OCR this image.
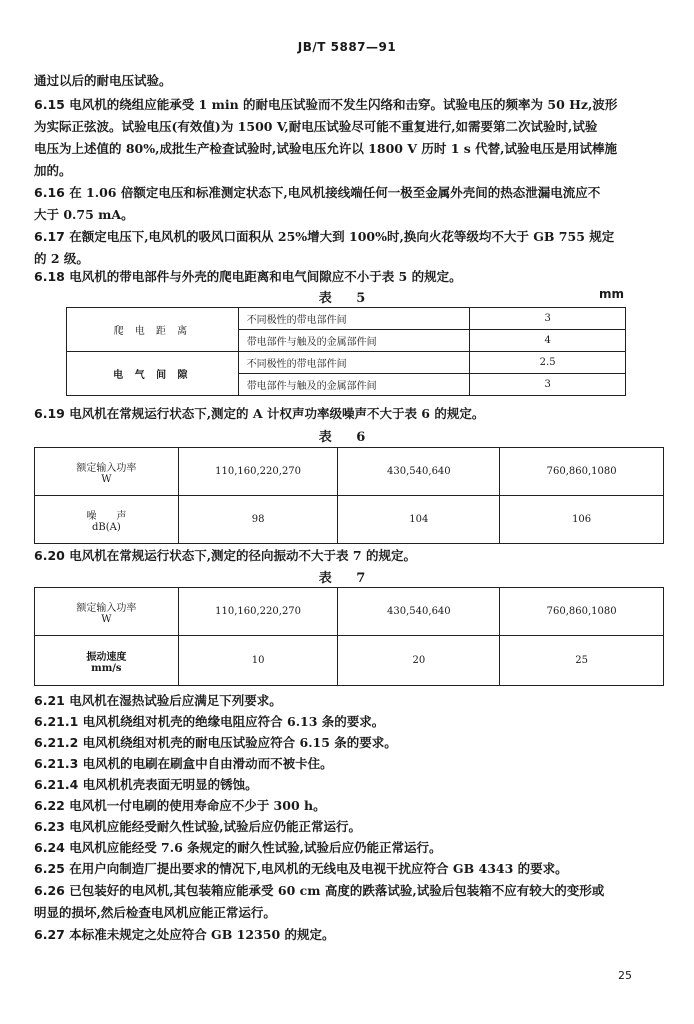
JB/T 5887—91
通过以后的耐电压试验。
6.15 电风机的绕组应能承受 1 min 的耐电压试验而不发生闪络和击穿。试验电压的频率为 50 Hz,波形
为实际正弦波。试验电压(有效值)为 1500 V,耐电压试验尽可能不重复进行,如需要第二次试验时,试验
电压为上述值的 80%,成批生产检查试验时,试验电压允许以 1800 V 历时 1 s 代替,试验电压是用试棒施
加的。
6.16 在 1.06 倍额定电压和标准测定状态下,电风机接线端任何一极至金属外壳间的热态泄漏电流应不
大于 0.75 mA。
6.17 在额定电压下,电风机的吸风口面积从 25%增大到 100%时,换向火花等级均不大于 GB 755 规定
的 2 级。
6.18 电风机的带电部件与外壳的爬电距离和电气间隙应不小于表 5 的规定。
表 5	mm
爬 电 距 离	不同极性的带电部件间	3
	带电部件与触及的金属部件间	4
电 气 间 隙	不同极性的带电部件间	2.5
	带电部件与触及的金属部件间	3
6.19 电风机在常规运行状态下,测定的 A 计权声功率级噪声不大于表 6 的规定。
表 6
额定输入功率
W	110,160,220,270	430,540,640	760,860,1080
噪　　声
dB(A)	98	104	106
6.20 电风机在常规运行状态下,测定的径向振动不大于表 7 的规定。
表 7
额定输入功率
W	110,160,220,270	430,540,640	760,860,1080
振动速度
mm/s	10	20	25
6.21 电风机在湿热试验后应满足下列要求。
6.21.1 电风机绕组对机壳的绝缘电阻应符合 6.13 条的要求。
6.21.2 电风机绕组对机壳的耐电压试验应符合 6.15 条的要求。
6.21.3 电风机的电刷在刷盒中自由滑动而不被卡住。
6.21.4 电风机机壳表面无明显的锈蚀。
6.22 电风机一付电刷的使用寿命应不少于 300 h。
6.23 电风机应能经受耐久性试验,试验后应仍能正常运行。
6.24 电风机应能经受 7.6 条规定的耐久性试验,试验后应仍能正常运行。
6.25 在用户向制造厂提出要求的情况下,电风机的无线电及电视干扰应符合 GB 4343 的要求。
6.26 已包装好的电风机,其包装箱应能承受 60 cm 高度的跌落试验,试验后包装箱不应有较大的变形或
明显的损坏,然后检查电风机应能正常运行。
6.27 本标准未规定之处应符合 GB 12350 的规定。
25
